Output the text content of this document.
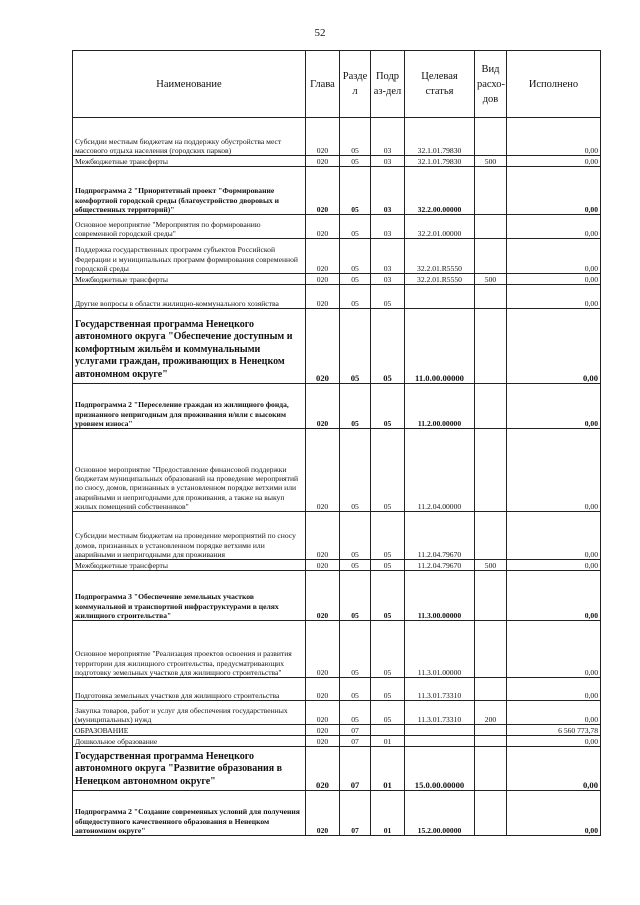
52
Наименование	Глава	Разде л	Подр аз-дел	Целевая статья	Вид расхо-дов	Исполнено
Субсидии местным бюджетам на поддержку обустройства мест массового отдыха населения (городских парков)	020	05	03	32.1.01.79830		0,00
Межбюджетные трансферты	020	05	03	32.1.01.79830	500	0,00
Подпрограмма 2 "Приоритетный проект "Формирование комфортной городской среды (благоустройство дворовых и общественных территорий)"	020	05	03	32.2.00.00000		0,00
Основное мероприятие "Мероприятия по формированию современной городской среды"	020	05	03	32.2.01.00000		0,00
Поддержка государственных программ субъектов Российской Федерации и муниципальных программ формирования современной городской среды	020	05	03	32.2.01.R5550		0,00
Межбюджетные трансферты	020	05	03	32.2.01.R5550	500	0,00
Другие вопросы в области жилищно-коммунального хозяйства	020	05	05			0,00
Государственная программа Ненецкого автономного округа "Обеспечение доступным и комфортным жильём и коммунальными услугами граждан, проживающих в Ненецком автономном округе"	020	05	05	11.0.00.00000		0,00
Подпрограмма 2 "Переселение граждан из жилищного фонда, признанного непригодным для проживания и/или с высоким уровнем износа"	020	05	05	11.2.00.00000		0,00
Основное мероприятие "Предоставление финансовой поддержки бюджетам муниципальных образований на проведение мероприятий по сносу, домов, признанных в установленном порядке ветхими или аварийными и непригодными для проживания, а также на выкуп жилых помещений собственников"	020	05	05	11.2.04.00000		0,00
Субсидии местным бюджетам на проведение мероприятий по сносу домов, признанных в установленном порядке ветхими или аварийными и непригодными для проживания	020	05	05	11.2.04.79670		0,00
Межбюджетные трансферты	020	05	05	11.2.04.79670	500	0,00
Подпрограмма 3 "Обеспечение земельных участков коммунальной и транспортной инфраструктурами в целях жилищного строительства"	020	05	05	11.3.00.00000		0,00
Основное мероприятие "Реализация проектов освоения и развития территории для жилищного строительства, предусматривающих подготовку земельных участков для жилищного строительства"	020	05	05	11.3.01.00000		0,00
Подготовка земельных участков для жилищного строительства	020	05	05	11.3.01.73310		0,00
Закупка товаров, работ и услуг для обеспечения государственных (муниципальных) нужд	020	05	05	11.3.01.73310	200	0,00
ОБРАЗОВАНИЕ	020	07				6 560 773,78
Дошкольное образование	020	07	01			0,00
Государственная программа Ненецкого автономного округа "Развитие образования в Ненецком автономном округе"	020	07	01	15.0.00.00000		0,00
Подпрограмма 2 "Создание современных условий для получения общедоступного качественного образования в Ненецком автономном округе"	020	07	01	15.2.00.00000		0,00
